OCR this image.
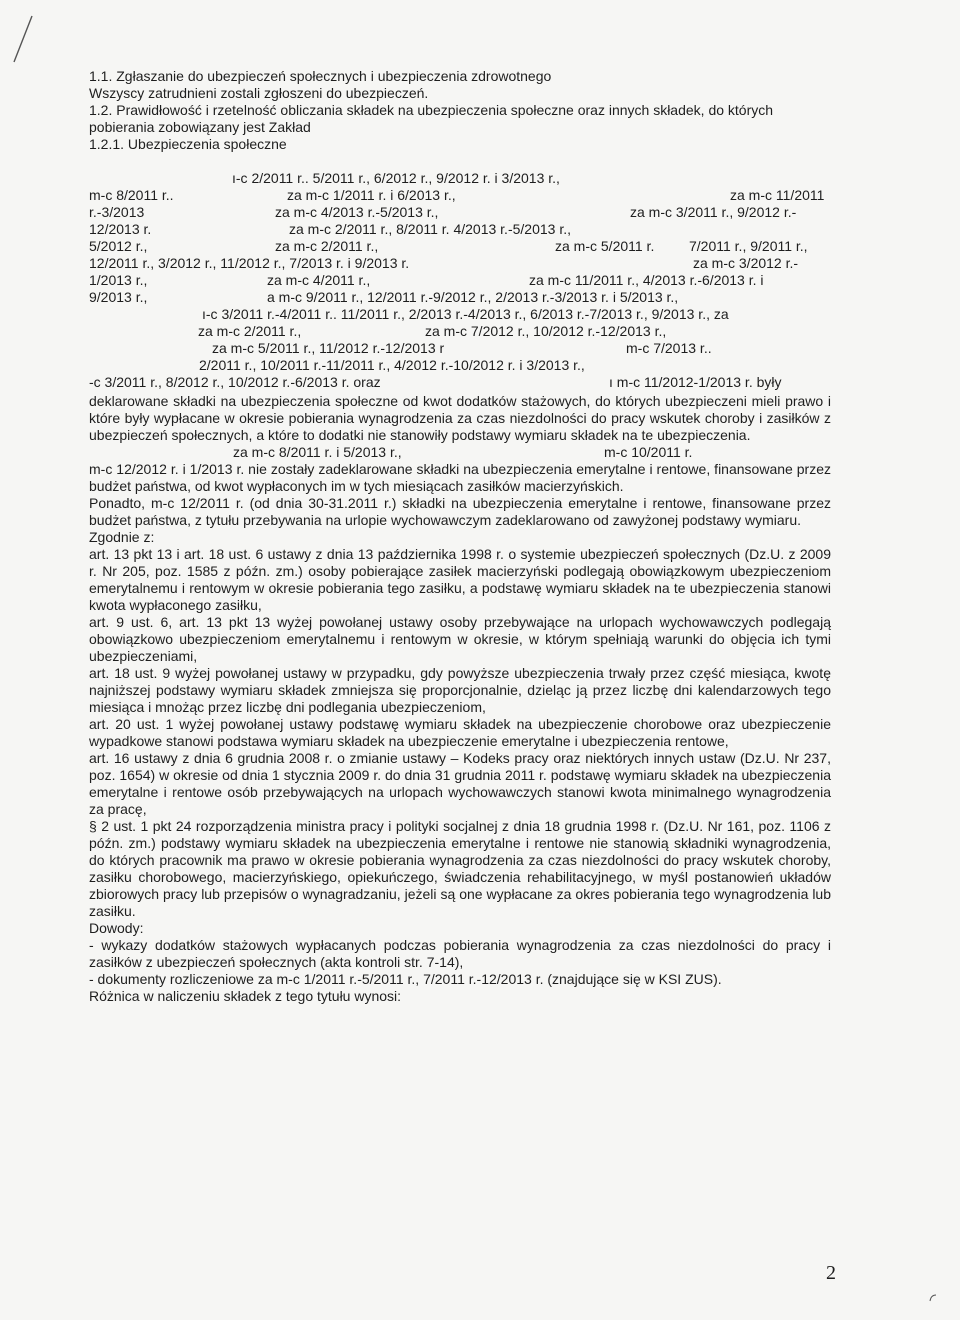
1.1. Zgłaszanie do ubezpieczeń społecznych i ubezpieczenia zdrowotnego

Wszyscy zatrudnieni zostali zgłoszeni do ubezpieczeń.

1.2. Prawidłowość i rzetelność obliczania składek na ubezpieczenia społeczne oraz innych składek, do których pobierania zobowiązany jest Zakład

1.2.1. Ubezpieczenia społeczne

ı-c 2/2011 r.. 5/2011 r., 6/2012 r., 9/2012 r. i 3/2013 r.,
m-c 8/2011 r..	za m-c 1/2011 r. i 6/2013 r.,	za m-c 11/2011
r.-3/2013	za m-c 4/2013 r.-5/2013 r.,	za m-c 3/2011 r., 9/2012 r.-
12/2013 r.	za m-c 2/2011 r., 8/2011 r. 4/2013 r.-5/2013 r.,
5/2012 r.,	za m-c 2/2011 r.,	za m-c 5/2011 r. 7/2011 r., 9/2011 r.,
12/2011 r., 3/2012 r., 11/2012 r., 7/2013 r. i 9/2013 r.	za m-c 3/2012 r.-
1/2013 r.,	za m-c 4/2011 r.,	za m-c 11/2011 r., 4/2013 r.-6/2013 r. i
9/2013 r.,	a m-c 9/2011 r., 12/2011 r.-9/2012 r., 2/2013 r.-3/2013 r. i 5/2013 r.,
ı-c 3/2011 r.-4/2011 r.. 11/2011 r., 2/2013 r.-4/2013 r., 6/2013 r.-7/2013 r., 9/2013 r., za
za m-c 2/2011 r.,	za m-c 7/2012 r., 10/2012 r.-12/2013 r.,
za m-c 5/2011 r., 11/2012 r.-12/2013 r	m-c 7/2013 r..
2/2011 r., 10/2011 r.-11/2011 r., 4/2012 r.-10/2012 r. i 3/2013 r.,
-c 3/2011 r., 8/2012 r., 10/2012 r.-6/2013 r. oraz	ı m-c 11/2012-1/2013 r. były

deklarowane składki na ubezpieczenia społeczne od kwot dodatków stażowych, do których ubezpieczeni mieli prawo i które były wypłacane w okresie pobierania wynagrodzenia za czas niezdolności do pracy wskutek choroby i zasiłków z ubezpieczeń społecznych, a które to dodatki nie stanowiły podstawy wymiaru składek na te ubezpieczenia.

za m-c 8/2011 r. i 5/2013 r.,	m-c 10/2011 r.

m-c 12/2012 r. i 1/2013 r. nie zostały zadeklarowane składki na ubezpieczenia emerytalne i rentowe, finansowane przez budżet państwa, od kwot wypłaconych im w tych miesiącach zasiłków macierzyńskich.

Ponadto, m-c 12/2011 r. (od dnia 30-31.2011 r.) składki na ubezpieczenia emerytalne i rentowe, finansowane przez budżet państwa, z tytułu przebywania na urlopie wychowawczym zadeklarowano od zawyżonej podstawy wymiaru.

Zgodnie z:

art. 13 pkt 13 i art. 18 ust. 6 ustawy z dnia 13 października 1998 r. o systemie ubezpieczeń społecznych (Dz.U. z 2009 r. Nr 205, poz. 1585 z późn. zm.) osoby pobierające zasiłek macierzyński podlegają obowiązkowym ubezpieczeniom emerytalnemu i rentowym w okresie pobierania tego zasiłku, a podstawę wymiaru składek na te ubezpieczenia stanowi kwota wypłaconego zasiłku,

art. 9 ust. 6, art. 13 pkt 13 wyżej powołanej ustawy osoby przebywające na urlopach wychowawczych podlegają obowiązkowo ubezpieczeniom emerytalnemu i rentowym w okresie, w którym spełniają warunki do objęcia ich tymi ubezpieczeniami,

art. 18 ust. 9 wyżej powołanej ustawy w przypadku, gdy powyższe ubezpieczenia trwały przez część miesiąca, kwotę najniższej podstawy wymiaru składek zmniejsza się proporcjonalnie, dzieląc ją przez liczbę dni kalendarzowych tego miesiąca i mnożąc przez liczbę dni podlegania ubezpieczeniom,

art. 20 ust. 1 wyżej powołanej ustawy podstawę wymiaru składek na ubezpieczenie chorobowe oraz ubezpieczenie wypadkowe stanowi podstawa wymiaru składek na ubezpieczenie emerytalne i ubezpieczenia rentowe,

art. 16 ustawy z dnia 6 grudnia 2008 r. o zmianie ustawy – Kodeks pracy oraz niektórych innych ustaw (Dz.U. Nr 237, poz. 1654) w okresie od dnia 1 stycznia 2009 r. do dnia 31 grudnia 2011 r. podstawę wymiaru składek na ubezpieczenia emerytalne i rentowe osób przebywających na urlopach wychowawczych stanowi kwota minimalnego wynagrodzenia za pracę,

§ 2 ust. 1 pkt 24 rozporządzenia ministra pracy i polityki socjalnej z dnia 18 grudnia 1998 r. (Dz.U. Nr 161, poz. 1106 z późn. zm.) podstawy wymiaru składek na ubezpieczenia emerytalne i rentowe nie stanowią składniki wynagrodzenia, do których pracownik ma prawo w okresie pobierania wynagrodzenia za czas niezdolności do pracy wskutek choroby, zasiłku chorobowego, macierzyńskiego, opiekuńczego, świadczenia rehabilitacyjnego, w myśl postanowień układów zbiorowych pracy lub przepisów o wynagradzaniu, jeżeli są one wypłacane za okres pobierania tego wynagrodzenia lub zasiłku.

Dowody:

- wykazy dodatków stażowych wypłacanych podczas pobierania wynagrodzenia za czas niezdolności do pracy i zasiłków z ubezpieczeń społecznych (akta kontroli str. 7-14),

- dokumenty rozliczeniowe za m-c 1/2011 r.-5/2011 r., 7/2011 r.-12/2013 r. (znajdujące się w KSI ZUS).

Różnica w naliczeniu składek z tego tytułu wynosi:

2
